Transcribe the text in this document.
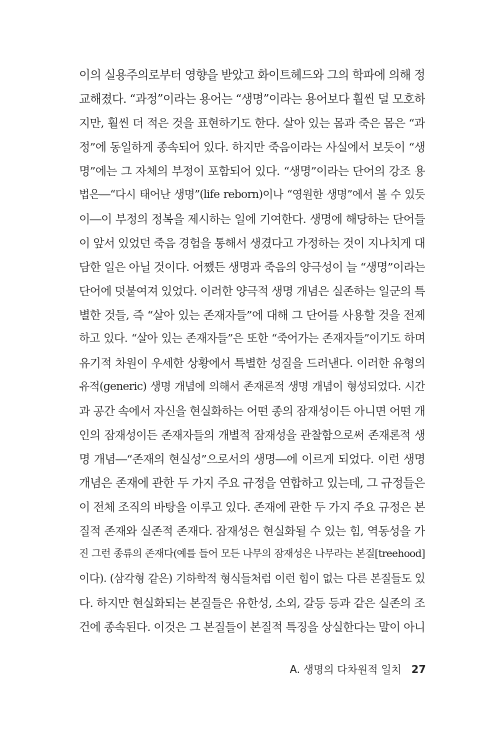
이의 실용주의로부터 영향을 받았고 화이트헤드와 그의 학파에 의해 정
교해졌다. “과정”이라는 용어는 “생명”이라는 용어보다 훨씬 덜 모호하
지만, 훨씬 더 적은 것을 표현하기도 한다. 살아 있는 몸과 죽은 몸은 “과
정”에 동일하게 종속되어 있다. 하지만 죽음이라는 사실에서 보듯이 “생
명”에는 그 자체의 부정이 포함되어 있다. “생명”이라는 단어의 강조 용
법은―“다시 태어난 생명”(life reborn)이나 “영원한 생명”에서 볼 수 있듯
이―이 부정의 정복을 제시하는 일에 기여한다. 생명에 해당하는 단어들
이 앞서 있었던 죽음 경험을 통해서 생겼다고 가정하는 것이 지나치게 대
담한 일은 아닐 것이다. 어쨌든 생명과 죽음의 양극성이 늘 “생명”이라는
단어에 덧붙여져 있었다. 이러한 양극적 생명 개념은 실존하는 일군의 특
별한 것들, 즉 “살아 있는 존재자들”에 대해 그 단어를 사용할 것을 전제
하고 있다. “살아 있는 존재자들”은 또한 “죽어가는 존재자들”이기도 하며
유기적 차원이 우세한 상황에서 특별한 성질을 드러낸다. 이러한 유형의
유적(generic) 생명 개념에 의해서 존재론적 생명 개념이 형성되었다. 시간
과 공간 속에서 자신을 현실화하는 어떤 종의 잠재성이든 아니면 어떤 개
인의 잠재성이든 존재자들의 개별적 잠재성을 관찰함으로써 존재론적 생
명 개념―“존재의 현실성”으로서의 생명―에 이르게 되었다. 이런 생명
개념은 존재에 관한 두 가지 주요 규정을 연합하고 있는데, 그 규정들은
이 전체 조직의 바탕을 이루고 있다. 존재에 관한 두 가지 주요 규정은 본
질적 존재와 실존적 존재다. 잠재성은 현실화될 수 있는 힘, 역동성을 가
진 그런 종류의 존재다(예를 들어 모든 나무의 잠재성은 나무라는 본질[treehood]
이다). (삼각형 같은) 기하학적 형식들처럼 이런 힘이 없는 다른 본질들도 있
다. 하지만 현실화되는 본질들은 유한성, 소외, 갈등 등과 같은 실존의 조
건에 종속된다. 이것은 그 본질들이 본질적 특징을 상실한다는 말이 아니
A. 생명의 다차원적 일치 27
